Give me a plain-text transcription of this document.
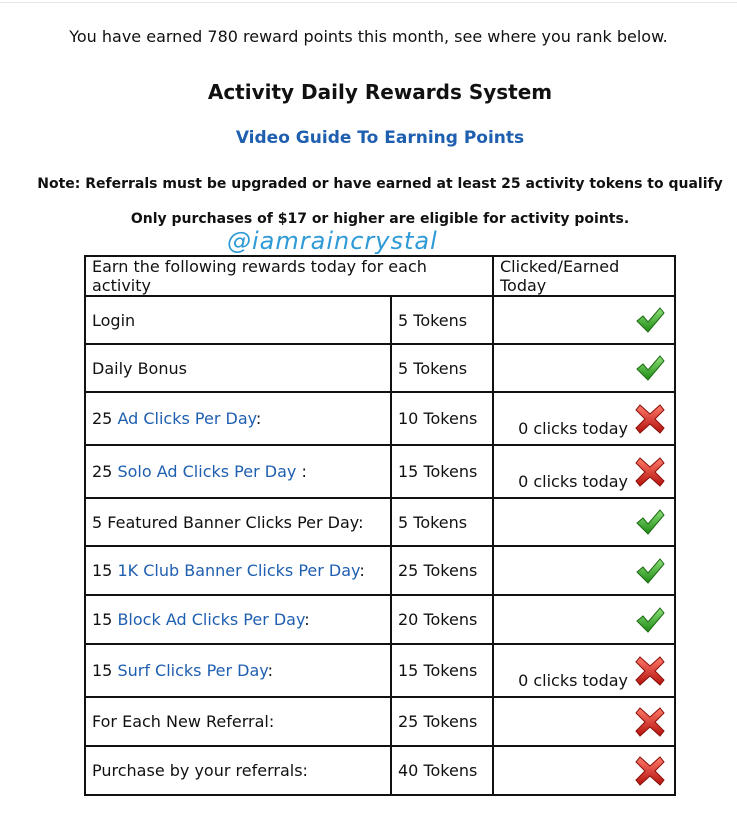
You have earned 780 reward points this month, see where you rank below.
Activity Daily Rewards System
Video Guide To Earning Points
Note: Referrals must be upgraded or have earned at least 25 activity tokens to qualify
Only purchases of $17 or higher are eligible for activity points.
@iamraincrystal
Earn the following rewards today for each activity		Clicked/Earned Today
Login	5 Tokens	

Daily Bonus	5 Tokens	

25 Ad Clicks Per Day:	10 Tokens	0 clicks today

25 Solo Ad Clicks Per Day :	15 Tokens	0 clicks today

5 Featured Banner Clicks Per Day:	5 Tokens	

15 1K Club Banner Clicks Per Day:	25 Tokens	

15 Block Ad Clicks Per Day:	20 Tokens	

15 Surf Clicks Per Day:	15 Tokens	0 clicks today

For Each New Referral:	25 Tokens	

Purchase by your referrals:	40 Tokens	
